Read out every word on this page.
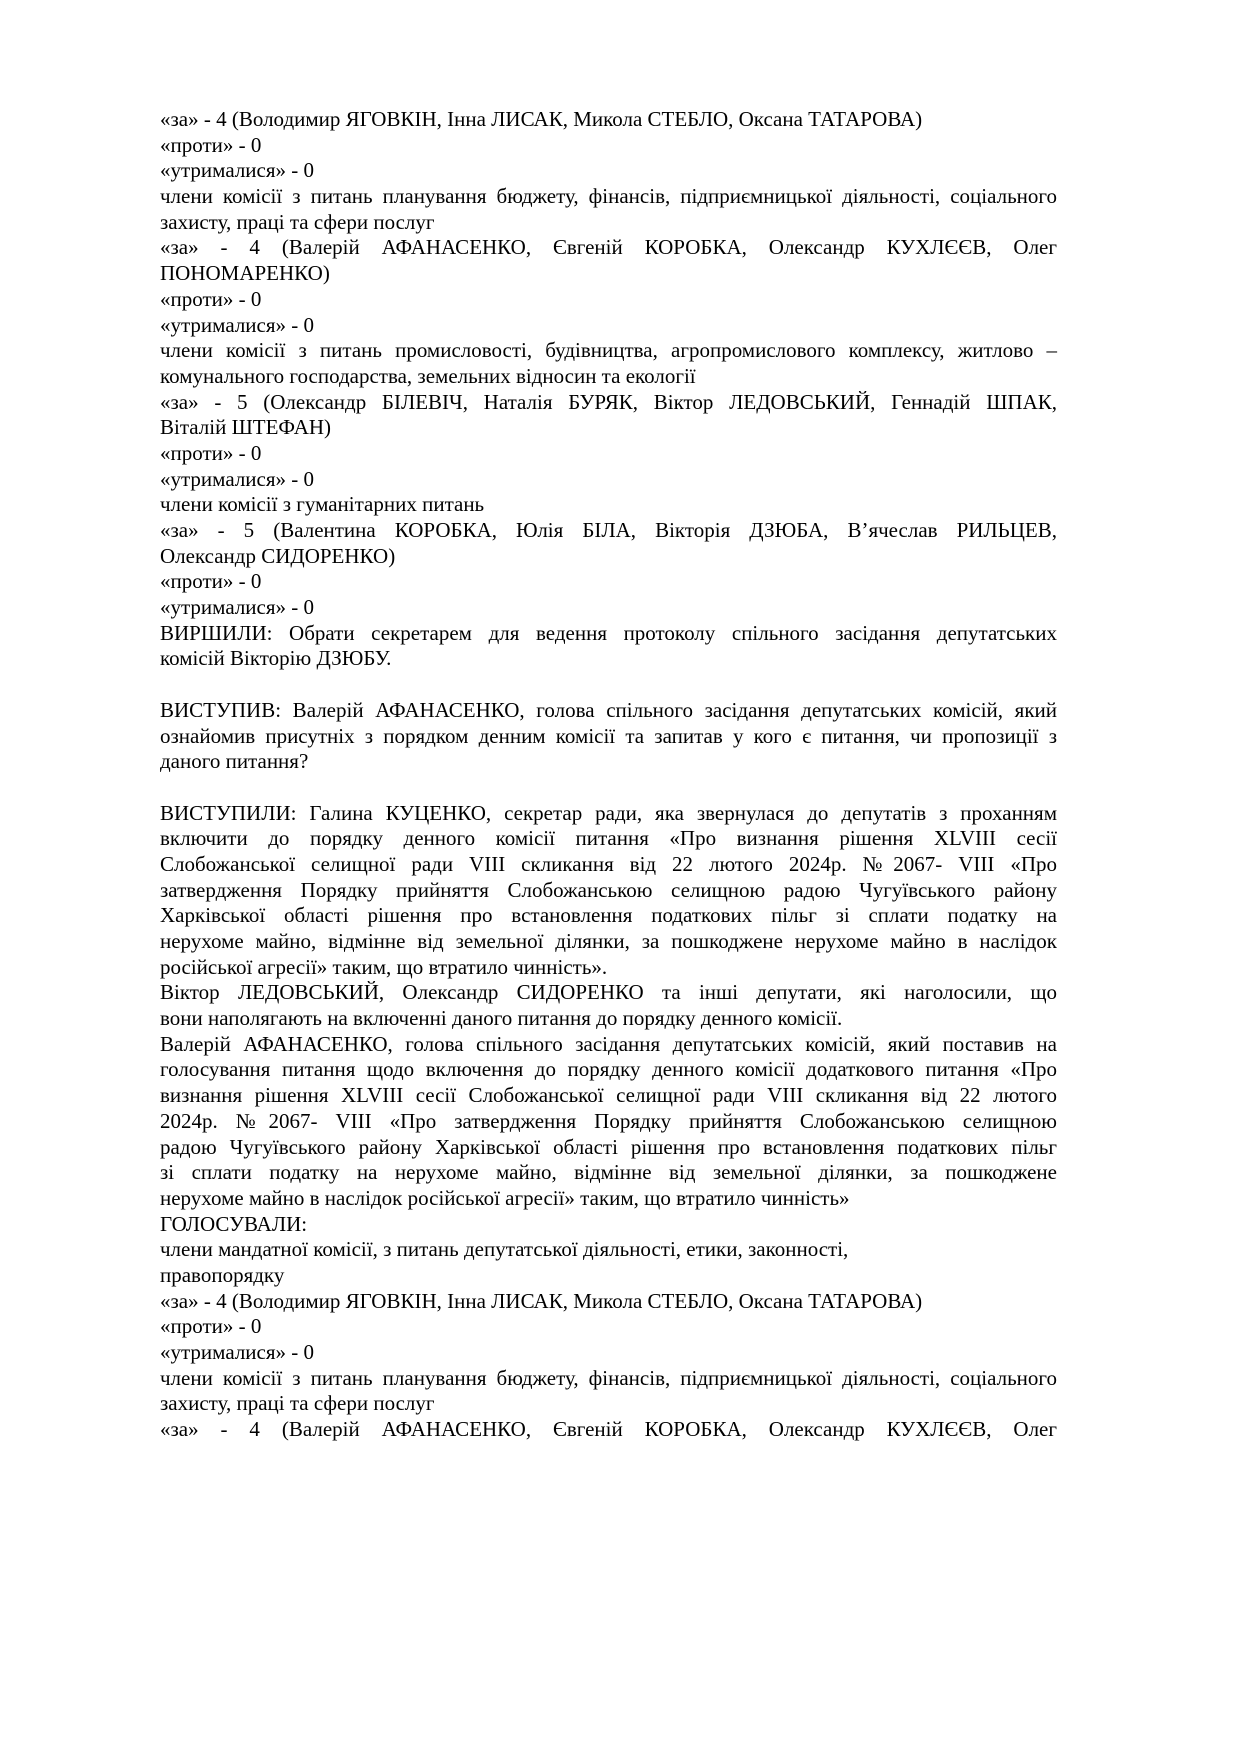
«за» - 4 (Володимир ЯГОВКІН, Інна ЛИСАК, Микола СТЕБЛО, Оксана ТАТАРОВА)
«проти» - 0
«утрималися» - 0
члени комісії з питань планування бюджету, фінансів, підприємницької діяльності, соціального
захисту, праці та сфери послуг
«за» - 4 (Валерій АФАНАСЕНКО, Євгеній КОРОБКА, Олександр КУХЛЄЄВ, Олег
ПОНОМАРЕНКО)
«проти» - 0
«утрималися» - 0
члени комісії з питань промисловості, будівництва, агропромислового комплексу, житлово –
комунального господарства, земельних відносин та екології
«за» - 5 (Олександр БІЛЕВІЧ, Наталія БУРЯК, Віктор ЛЕДОВСЬКИЙ, Геннадій ШПАК,
Віталій ШТЕФАН)
«проти» - 0
«утрималися» - 0
члени комісії з гуманітарних питань
«за» - 5 (Валентина КОРОБКА, Юлія БІЛА, Вікторія ДЗЮБА, В’ячеслав РИЛЬЦЕВ,
Олександр СИДОРЕНКО)
«проти» - 0
«утрималися» - 0
ВИРШИЛИ: Обрати секретарем для ведення протоколу спільного засідання депутатських
комісій Вікторію ДЗЮБУ.
ВИСТУПИВ: Валерій АФАНАСЕНКО, голова спільного засідання депутатських комісій, який
ознайомив присутніх з порядком денним комісії та запитав у кого є питання, чи пропозиції з
даного питання?
ВИСТУПИЛИ: Галина КУЦЕНКО, секретар ради, яка звернулася до депутатів з проханням
включити до порядку денного комісії питання «Про визнання рішення XLVIII сесії
Слобожанської селищної ради VIII скликання від 22 лютого 2024р. №2067- VIII «Про
затвердження Порядку прийняття Слобожанською селищною радою Чугуївського району
Харківської області рішення про встановлення податкових пільг зі сплати податку на
нерухоме майно, відмінне від земельної ділянки, за пошкоджене нерухоме майно в наслідок
російської агресії» таким, що втратило чинність».
Віктор ЛЕДОВСЬКИЙ, Олександр СИДОРЕНКО та інші депутати, які наголосили, що
вони наполягають на включенні даного питання до порядку денного комісії.
Валерій АФАНАСЕНКО, голова спільного засідання депутатських комісій, який поставив на
голосування питання щодо включення до порядку денного комісії додаткового питання «Про
визнання рішення XLVIII сесії Слобожанської селищної ради VIII скликання від 22 лютого
2024р. №2067- VIII «Про затвердження Порядку прийняття Слобожанською селищною
радою Чугуївського району Харківської області рішення про встановлення податкових пільг
зі сплати податку на нерухоме майно, відмінне від земельної ділянки, за пошкоджене
нерухоме майно в наслідок російської агресії» таким, що втратило чинність»
ГОЛОСУВАЛИ:
члени мандатної комісії, з питань депутатської діяльності, етики, законності,
правопорядку
«за» - 4 (Володимир ЯГОВКІН, Інна ЛИСАК, Микола СТЕБЛО, Оксана ТАТАРОВА)
«проти» - 0
«утрималися» - 0
члени комісії з питань планування бюджету, фінансів, підприємницької діяльності, соціального
захисту, праці та сфери послуг
«за» - 4 (Валерій АФАНАСЕНКО, Євгеній КОРОБКА, Олександр КУХЛЄЄВ, Олег
